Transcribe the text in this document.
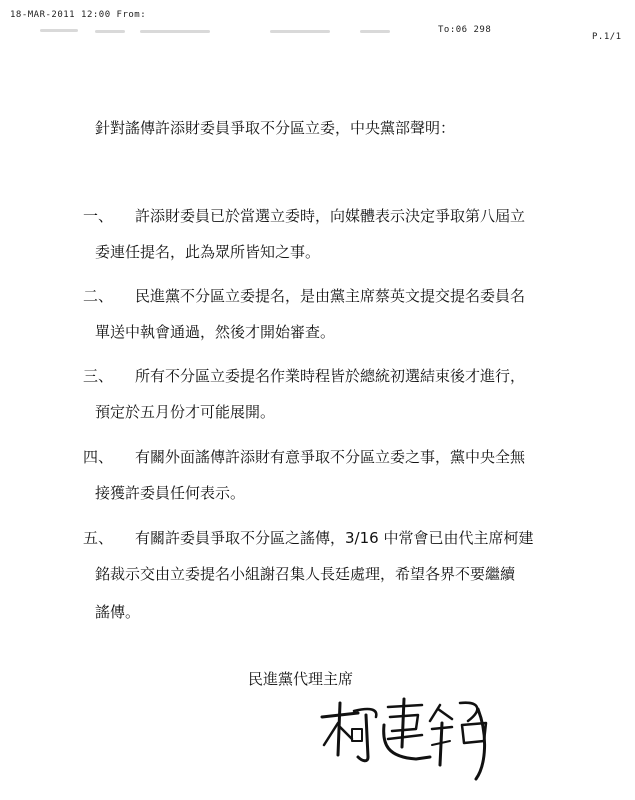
18-MAR-2011 12:00 From:
To:06 298
P.1/1
針對謠傳許添財委員爭取不分區立委，中央黨部聲明：
一、 許添財委員已於當選立委時，向媒體表示決定爭取第八屆立
委連任提名，此為眾所皆知之事。
二、 民進黨不分區立委提名，是由黨主席蔡英文提交提名委員名
單送中執會通過，然後才開始審查。
三、 所有不分區立委提名作業時程皆於總統初選結束後才進行，
預定於五月份才可能展開。
四、 有關外面謠傳許添財有意爭取不分區立委之事，黨中央全無
接獲許委員任何表示。
五、 有關許委員爭取不分區之謠傳，3/16 中常會已由代主席柯建
銘裁示交由立委提名小組謝召集人長廷處理，希望各界不要繼續
謠傳。
民進黨代理主席
